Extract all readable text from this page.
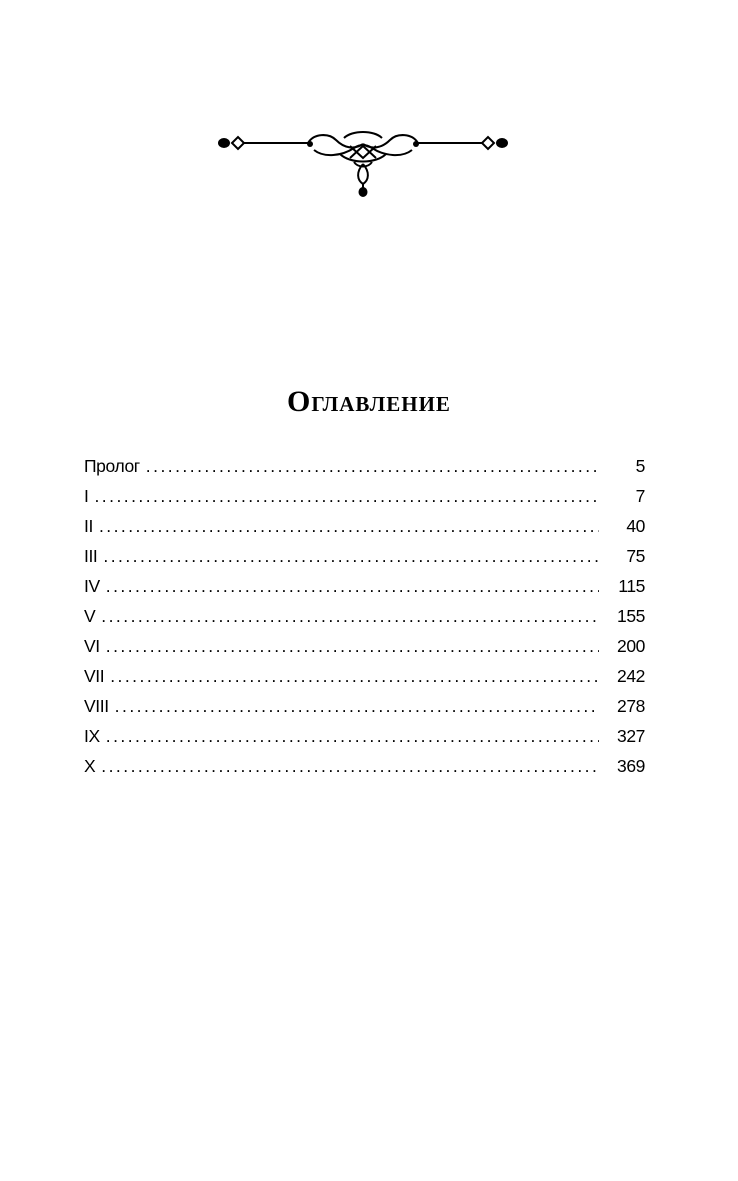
Оглавление
Пролог . . .	5
I . . .	7
II . . .	40
III . . .	75
IV . . .	115
V . . .	155
VI . . .	200
VII . . .	242
VIII . . .	278
IX . . .	327
X . . .	369
